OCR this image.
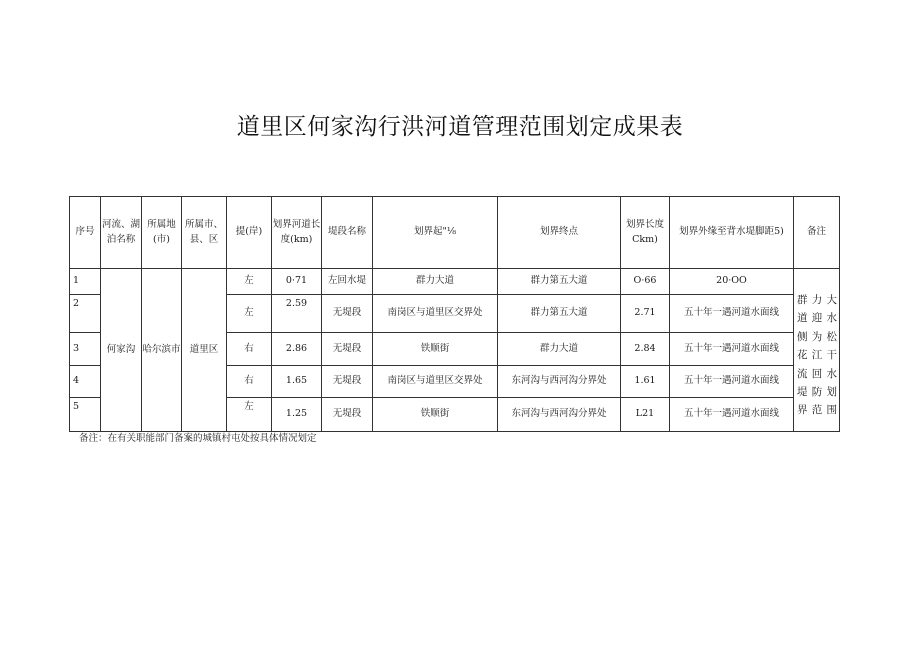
道里区何家沟行洪河道管理范围划定成果表
序号	河流、湖泊名称	所属地(市)	所属市、县、区	提(岸)	划界河道长度(km)	堤段名称	划界起"⅛	划界终点	划界长度Ckm)	划界外缘至背水堤脚距5)	备注
1	何家沟	哈尔滨市	道里区	左	0·71	左回水堤	群力大道	群力第五大道	O·66	20·OO	群力大道迎水侧为松花江干流回水堤防划界范围
2				左	2.59	无堤段	南岗区与道里区交界处	群力第五大道	2.71	五十年一遇河道水面线	
3				右	2.86	无堤段	铁顺街	群力大道	2.84	五十年一遇河道水面线	
4				右	1.65	无堤段	南岗区与道里区交界处	东河沟与西河沟分界处	1.61	五十年一遇河道水面线	
5				左	1.25	无堤段	铁顺街	东河沟与西河沟分界处	L21	五十年一遇河道水面线	
备注：在有关职能部门备案的城镇村屯处按具体情况划定
